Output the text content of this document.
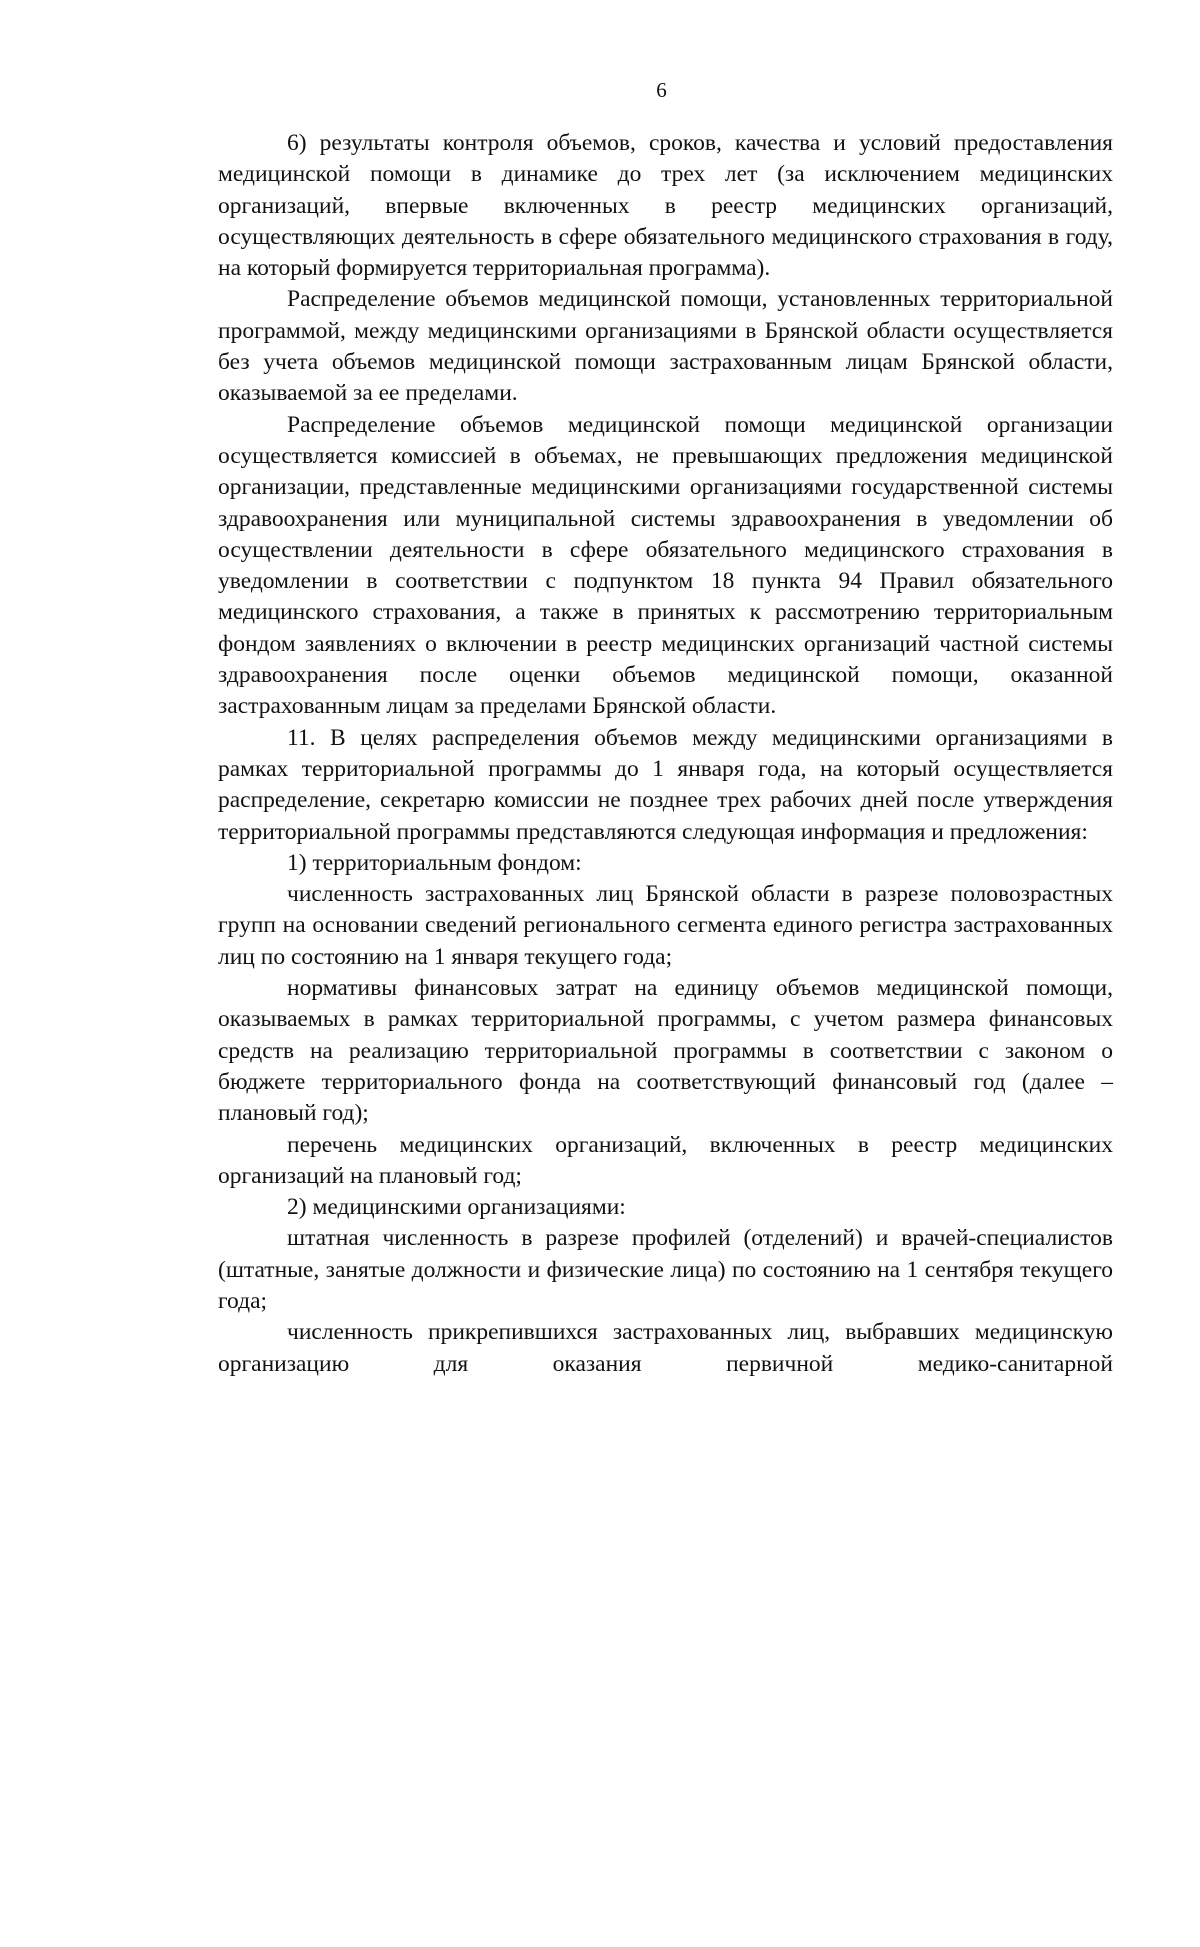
6

6) результаты контроля объемов, сроков, качества и условий предоставления медицинской помощи в динамике до трех лет (за исключением медицинских организаций, впервые включенных в реестр медицинских организаций, осуществляющих деятельность в сфере обязательного медицинского страхования в году, на который формируется территориальная программа).

Распределение объемов медицинской помощи, установленных территориальной программой, между медицинскими организациями в Брянской области осуществляется без учета объемов медицинской помощи застрахованным лицам Брянской области, оказываемой за ее пределами.

Распределение объемов медицинской помощи медицинской организации осуществляется комиссией в объемах, не превышающих предложения медицинской организации, представленные медицинскими организациями государственной системы здравоохранения или муниципальной системы здравоохранения в уведомлении об осуществлении деятельности в сфере обязательного медицинского страхования в уведомлении в соответствии с подпунктом 18 пункта 94 Правил обязательного медицинского страхования, а также в принятых к рассмотрению территориальным фондом заявлениях о включении в реестр медицинских организаций частной системы здравоохранения после оценки объемов медицинской помощи, оказанной застрахованным лицам за пределами Брянской области.

11. В целях распределения объемов между медицинскими организациями в рамках территориальной программы до 1 января года, на который осуществляется распределение, секретарю комиссии не позднее трех рабочих дней после утверждения территориальной программы представляются следующая информация и предложения:

1) территориальным фондом:

численность застрахованных лиц Брянской области в разрезе половозрастных групп на основании сведений регионального сегмента единого регистра застрахованных лиц по состоянию на 1 января текущего года;

нормативы финансовых затрат на единицу объемов медицинской помощи, оказываемых в рамках территориальной программы, с учетом размера финансовых средств на реализацию территориальной программы в соответствии с законом о бюджете территориального фонда на соответствующий финансовый год (далее – плановый год);

перечень медицинских организаций, включенных в реестр медицинских организаций на плановый год;

2) медицинскими организациями:

штатная численность в разрезе профилей (отделений) и врачей-специалистов (штатные, занятые должности и физические лица) по состоянию на 1 сентября текущего года;

численность прикрепившихся застрахованных лиц, выбравших медицинскую организацию для оказания первичной медико-санитарной
